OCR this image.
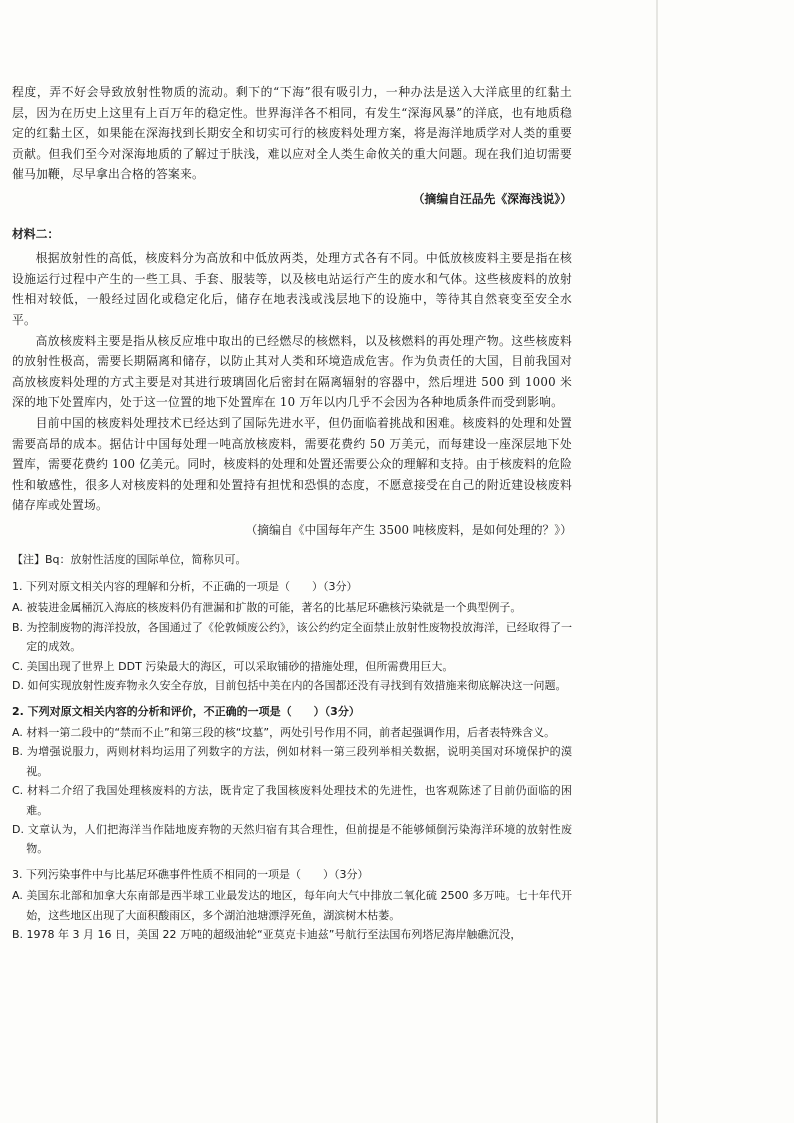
程度，弄不好会导致放射性物质的流动。剩下的“下海”很有吸引力，一种办法是送入大洋底里的红黏土层，因为在历史上这里有上百万年的稳定性。世界海洋各不相同，有发生“深海风暴”的洋底，也有地质稳定的红黏土区，如果能在深海找到长期安全和切实可行的核废料处理方案，将是海洋地质学对人类的重要贡献。但我们至今对深海地质的了解过于肤浅，难以应对全人类生命攸关的重大问题。现在我们迫切需要催马加鞭，尽早拿出合格的答案来。

（摘编自汪品先《深海浅说》）

材料二：

根据放射性的高低，核废料分为高放和中低放两类，处理方式各有不同。中低放核废料主要是指在核设施运行过程中产生的一些工具、手套、服装等，以及核电站运行产生的废水和气体。这些核废料的放射性相对较低，一般经过固化或稳定化后，储存在地表浅或浅层地下的设施中，等待其自然衰变至安全水平。

高放核废料主要是指从核反应堆中取出的已经燃尽的核燃料，以及核燃料的再处理产物。这些核废料的放射性极高，需要长期隔离和储存，以防止其对人类和环境造成危害。作为负责任的大国，目前我国对高放核废料处理的方式主要是对其进行玻璃固化后密封在隔离辐射的容器中，然后埋进 500 到 1000 米深的地下处置库内，处于这一位置的地下处置库在 10 万年以内几乎不会因为各种地质条件而受到影响。

目前中国的核废料处理技术已经达到了国际先进水平，但仍面临着挑战和困难。核废料的处理和处置需要高昂的成本。据估计中国每处理一吨高放核废料，需要花费约 50 万美元，而每建设一座深层地下处置库，需要花费约 100 亿美元。同时，核废料的处理和处置还需要公众的理解和支持。由于核废料的危险性和敏感性，很多人对核废料的处理和处置持有担忧和恐惧的态度，不愿意接受在自己的附近建设核废料储存库或处置场。

（摘编自《中国每年产生 3500 吨核废料，是如何处理的？》）

【注】Bq：放射性活度的国际单位，简称贝可。

1. 下列对原文相关内容的理解和分析，不正确的一项是（　　）（3分）

A. 被装进金属桶沉入海底的核废料仍有泄漏和扩散的可能，著名的比基尼环礁核污染就是一个典型例子。

B. 为控制废物的海洋投放，各国通过了《伦敦倾废公约》，该公约约定全面禁止放射性废物投放海洋，已经取得了一定的成效。

C. 美国出现了世界上 DDT 污染最大的海区，可以采取铺砂的措施处理，但所需费用巨大。

D. 如何实现放射性废弃物永久安全存放，目前包括中美在内的各国都还没有寻找到有效措施来彻底解决这一问题。

2. 下列对原文相关内容的分析和评价，不正确的一项是（　　）（3分）

A. 材料一第二段中的“禁而不止”和第三段的核“坟墓”，两处引号作用不同，前者起强调作用，后者表特殊含义。

B. 为增强说服力，两则材料均运用了列数字的方法，例如材料一第三段列举相关数据，说明美国对环境保护的漠视。

C. 材料二介绍了我国处理核废料的方法，既肯定了我国核废料处理技术的先进性，也客观陈述了目前仍面临的困难。

D. 文章认为，人们把海洋当作陆地废弃物的天然归宿有其合理性，但前提是不能够倾倒污染海洋环境的放射性废物。

3. 下列污染事件中与比基尼环礁事件性质不相同的一项是（　　）（3分）

A. 美国东北部和加拿大东南部是西半球工业最发达的地区，每年向大气中排放二氧化硫 2500 多万吨。七十年代开始，这些地区出现了大面积酸雨区，多个湖泊池塘漂浮死鱼，湖滨树木枯萎。

B. 1978 年 3 月 16 日，美国 22 万吨的超级油轮“亚莫克卡迪兹”号航行至法国布列塔尼海岸触礁沉没，
